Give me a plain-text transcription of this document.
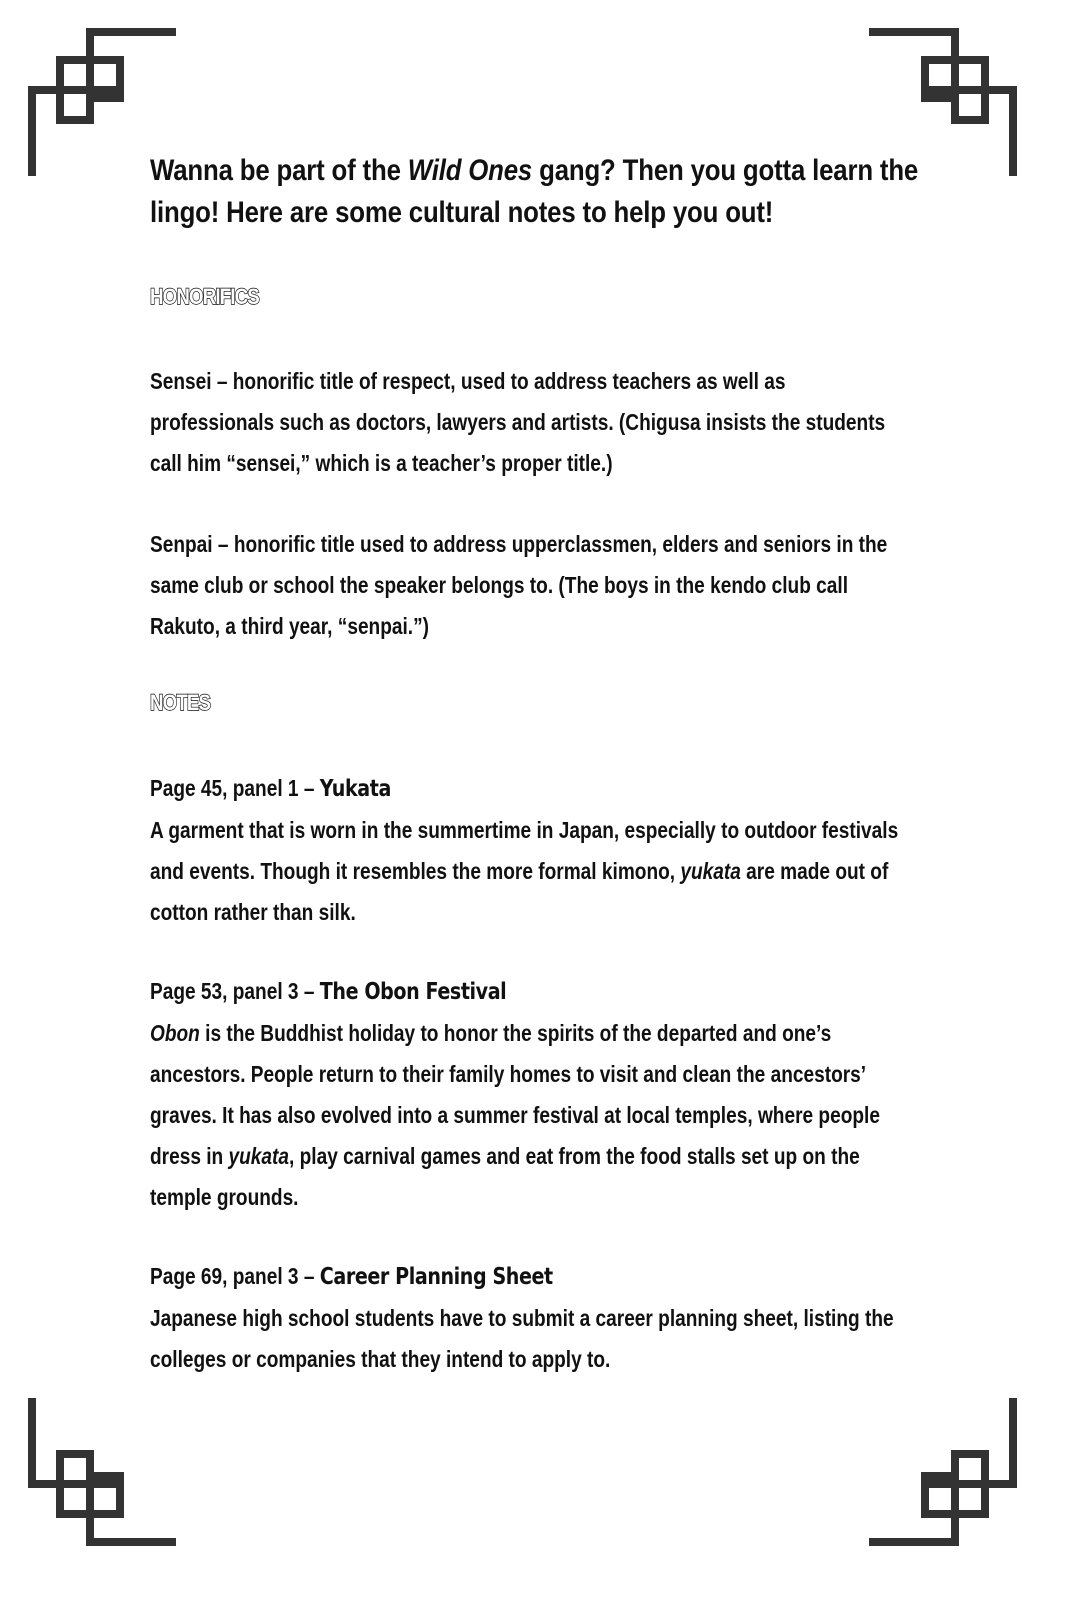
Wanna be part of the Wild Ones gang? Then you gotta learn the lingo! Here are some cultural notes to help you out!

HONORIFICS

Sensei – honorific title of respect, used to address teachers as well as professionals such as doctors, lawyers and artists. (Chigusa insists the students call him “sensei,” which is a teacher’s proper title.)

Senpai – honorific title used to address upperclassmen, elders and seniors in the same club or school the speaker belongs to. (The boys in the kendo club call Rakuto, a third year, “senpai.”)

NOTES
Page 45, panel 1 – Yukata
A garment that is worn in the summertime in Japan, especially to outdoor festivals and events. Though it resembles the more formal kimono, yukata are made out of cotton rather than silk.
Page 53, panel 3 – The Obon Festival
Obon is the Buddhist holiday to honor the spirits of the departed and one’s ancestors. People return to their family homes to visit and clean the ancestors’ graves. It has also evolved into a summer festival at local temples, where people dress in yukata, play carnival games and eat from the food stalls set up on the temple grounds.
Page 69, panel 3 – Career Planning Sheet
Japanese high school students have to submit a career planning sheet, listing the colleges or companies that they intend to apply to.
